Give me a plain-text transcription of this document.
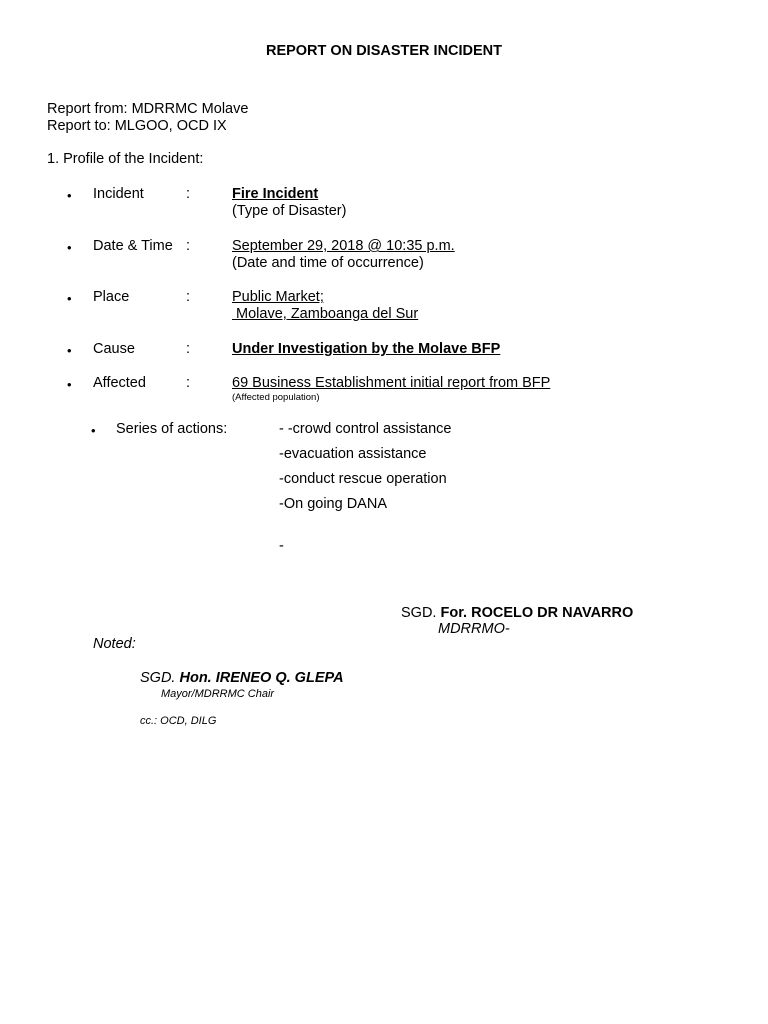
REPORT ON DISASTER INCIDENT
Report from: MDRRMC Molave
Report to: MLGOO, OCD IX
1. Profile of the Incident:
• Incident	:	Fire Incident
(Type of Disaster)
• Date & Time :	September 29, 2018 @ 10:35 p.m.
(Date and time of occurrence)
• Place	:	Public Market;
Molave, Zamboanga del Sur
• Cause	:	Under Investigation by the Molave BFP
• Affected	:	69 Business Establishment initial report from BFP
(Affected population)
• Series of actions:	- -crowd control assistance
-evacuation assistance
-conduct rescue operation
-On going DANA
-
SGD. For. ROCELO DR NAVARRO
MDRRMO-
Noted:
SGD. Hon. IRENEO Q. GLEPA
Mayor/MDRRMC Chair
cc.: OCD, DILG
